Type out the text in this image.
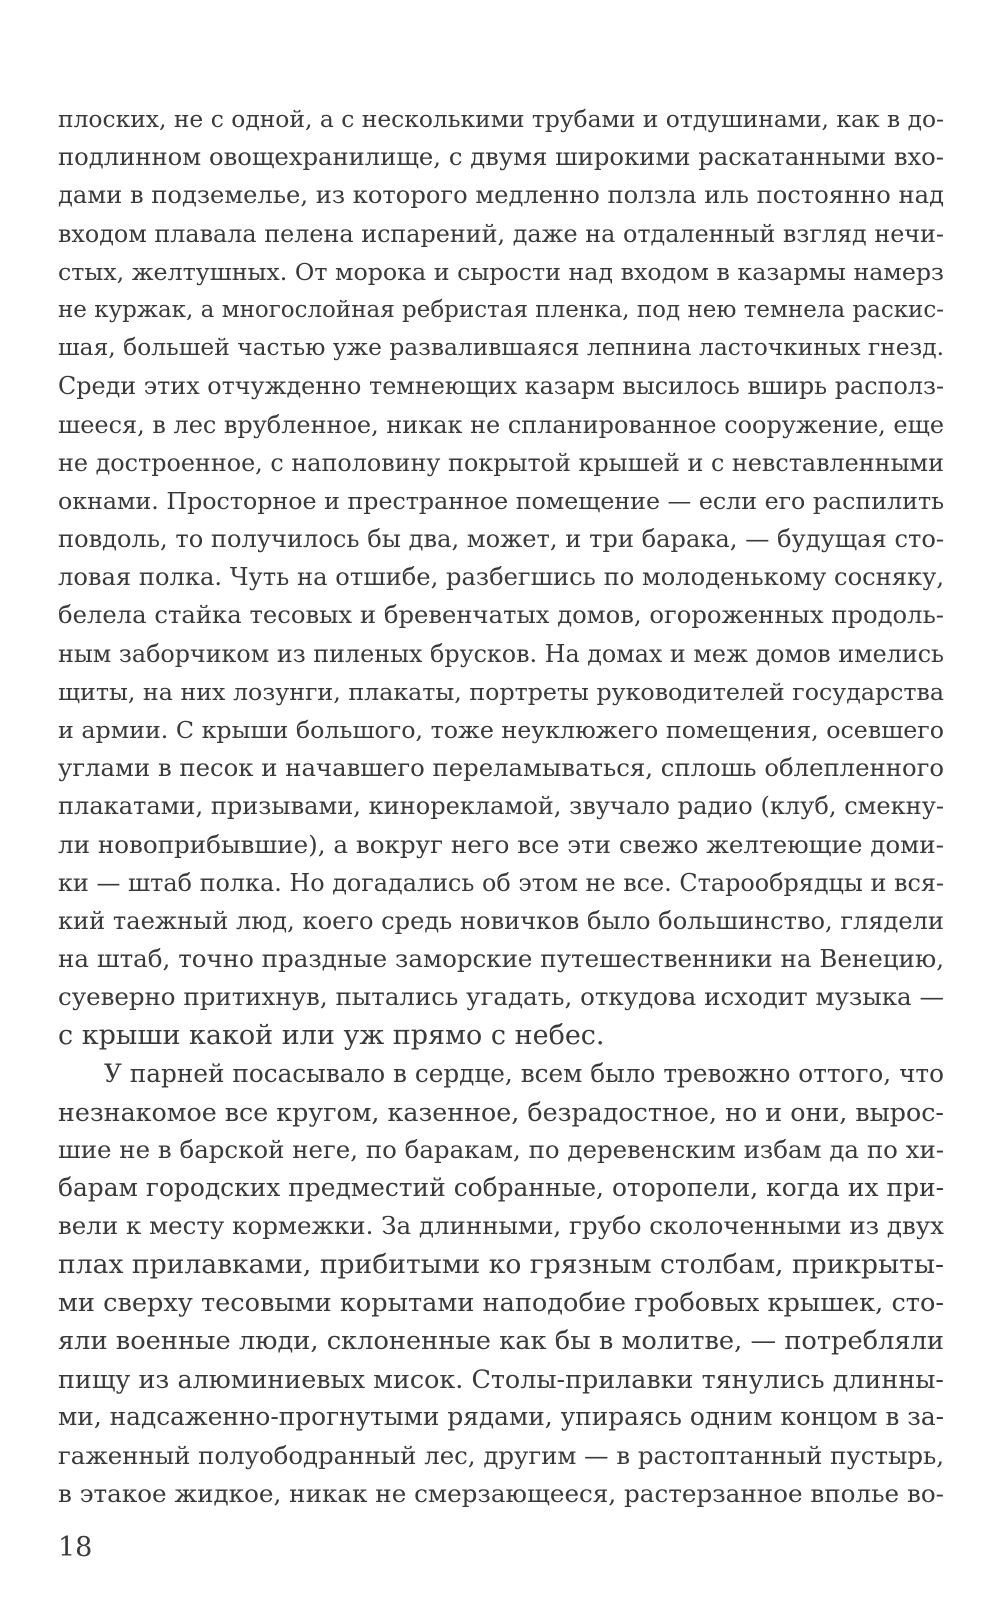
плоских, не с одной, а с несколькими трубами и отдушинами, как в до-
подлинном овощехранилище, с двумя широкими раскатанными вхо-
дами в подземелье, из которого медленно ползла иль постоянно над
входом плавала пелена испарений, даже на отдаленный взгляд нечи-
стых, желтушных. От морока и сырости над входом в казармы намерз
не куржак, а многослойная ребристая пленка, под нею темнела раскис-
шая, большей частью уже развалившаяся лепнина ласточкиных гнезд.
Среди этих отчужденно темнеющих казарм высилось вширь располз-
шееся, в лес врубленное, никак не спланированное сооружение, еще
не достроенное, с наполовину покрытой крышей и с невставленными
окнами. Просторное и престранное помещение — если его распилить
повдоль, то получилось бы два, может, и три барака, — будущая сто-
ловая полка. Чуть на отшибе, разбегшись по молоденькому сосняку,
белела стайка тесовых и бревенчатых домов, огороженных продоль-
ным заборчиком из пиленых брусков. На домах и меж домов имелись
щиты, на них лозунги, плакаты, портреты руководителей государства
и армии. С крыши большого, тоже неуклюжего помещения, осевшего
углами в песок и начавшего переламываться, сплошь облепленного
плакатами, призывами, кинорекламой, звучало радио (клуб, смекну-
ли новоприбывшие), а вокруг него все эти свежо желтеющие доми-
ки — штаб полка. Но догадались об этом не все. Старообрядцы и вся-
кий таежный люд, коего средь новичков было большинство, глядели
на штаб, точно праздные заморские путешественники на Венецию,
суеверно притихнув, пытались угадать, откудова исходит музыка —
с крыши какой или уж прямо с небес.
У парней посасывало в сердце, всем было тревожно оттого, что
незнакомое все кругом, казенное, безрадостное, но и они, вырос-
шие не в барской неге, по баракам, по деревенским избам да по хи-
барам городских предместий собранные, оторопели, когда их при-
вели к месту кормежки. За длинными, грубо сколоченными из двух
плах прилавками, прибитыми ко грязным столбам, прикрыты-
ми сверху тесовыми корытами наподобие гробовых крышек, сто-
яли военные люди, склоненные как бы в молитве, — потребляли
пищу из алюминиевых мисок. Столы-прилавки тянулись длинны-
ми, надсаженно-прогнутыми рядами, упираясь одним концом в за-
гаженный полуободранный лес, другим — в растоптанный пустырь,
в этакое жидкое, никак не смерзающееся, растерзанное вполье во-
18
